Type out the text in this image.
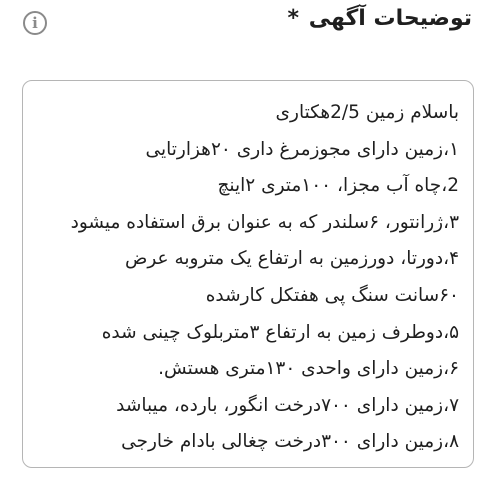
i	توضیحات آگهی *
باسلام زمین 2/5هکتاری
۱،زمین دارای مجوزمرغ داری ۲۰هزارتایی
2،چاه آب مجزا، ۱۰۰متری ۲اینچ
۳،ژرانتور، ۶سلندر که به عنوان برق استفاده میشود
۴،دورتا، دورزمین به ارتفاع یک متروبه عرض
۶۰سانت سنگ پی هفتکل کارشده
۵،دوطرف زمین به ارتفاع ۳متربلوک چینی شده
۶،زمین دارای واحدی ۱۳۰متری هستش.
۷،زمین دارای ۷۰۰درخت انگور، بارده، میباشد
۸،زمین دارای ۳۰۰درخت چغالی بادام خارجی
